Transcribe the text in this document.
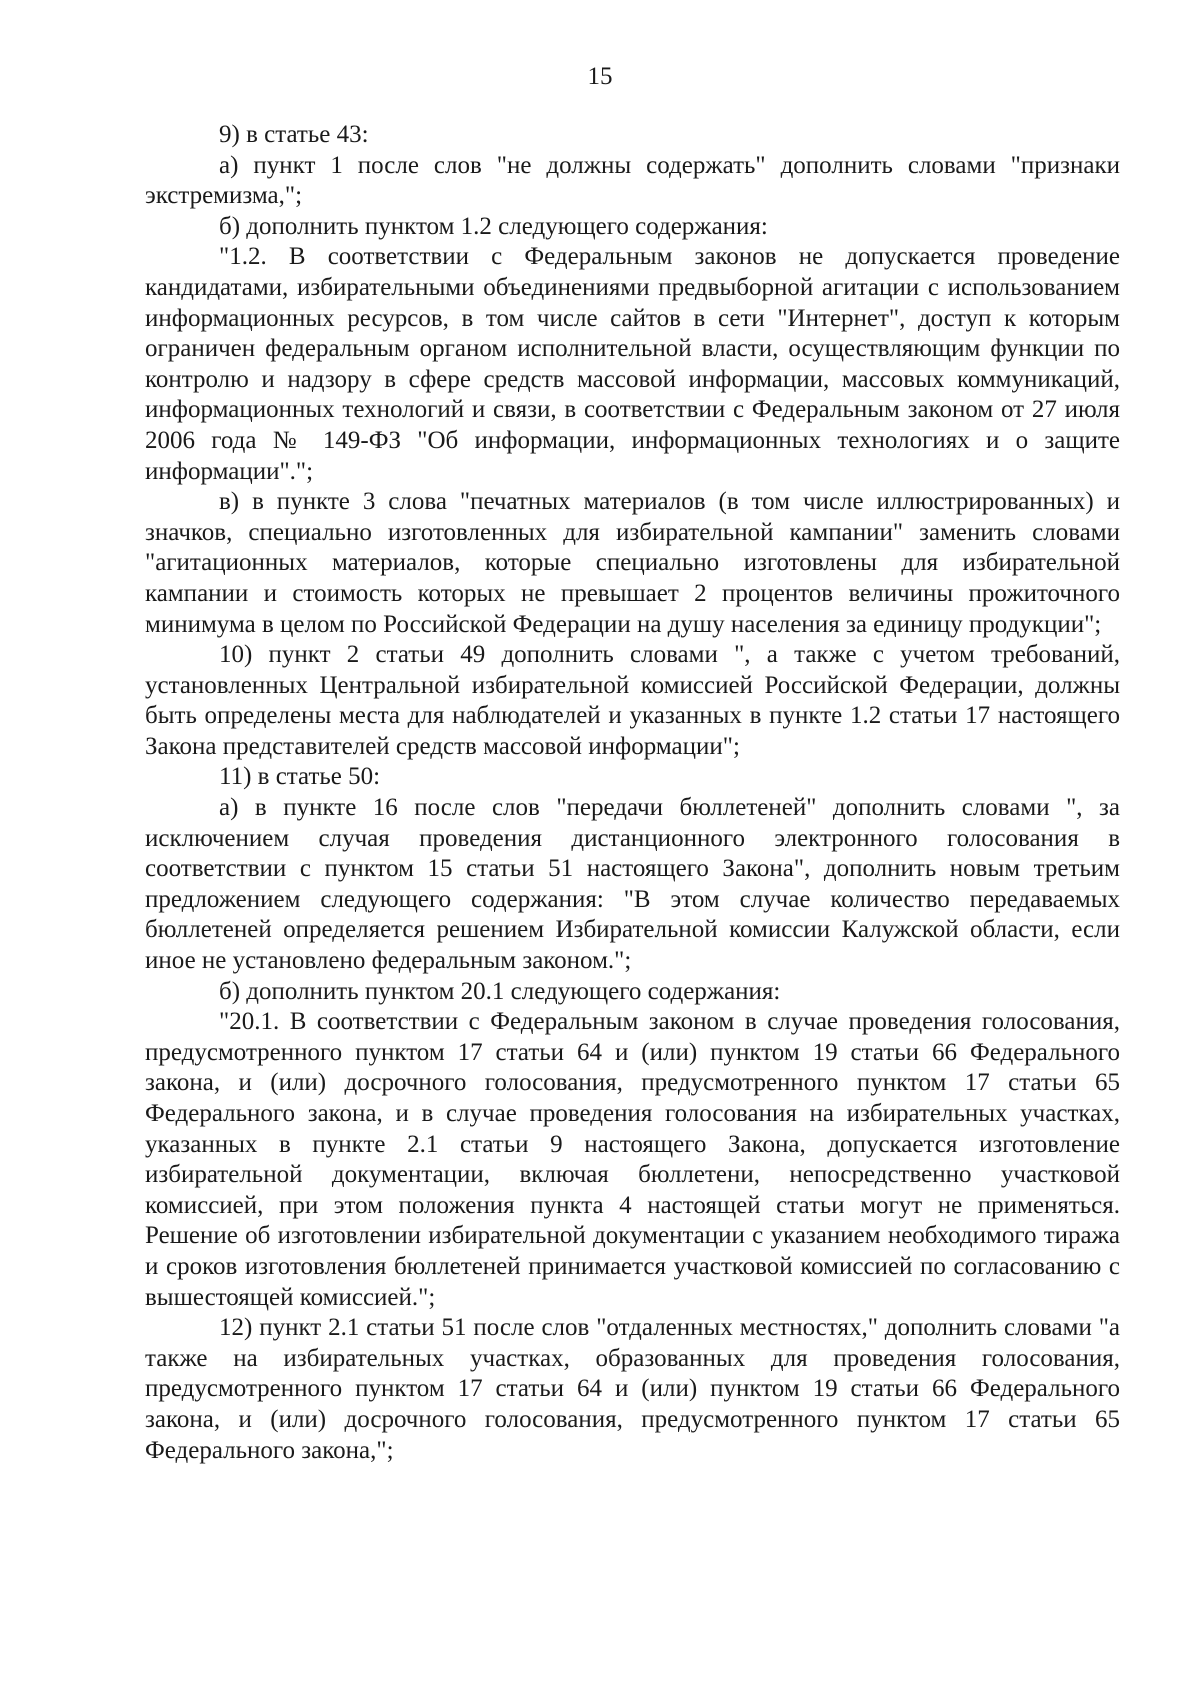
15

9) в статье 43:

а) пункт 1 после слов "не должны содержать" дополнить словами "признаки экстремизма,";

б) дополнить пунктом 1.2 следующего содержания:

"1.2. В соответствии с Федеральным законов не допускается проведение кандидатами, избирательными объединениями предвыборной агитации с использованием информационных ресурсов, в том числе сайтов в сети "Интернет", доступ к которым ограничен федеральным органом исполнительной власти, осуществляющим функции по контролю и надзору в сфере средств массовой информации, массовых коммуникаций, информационных технологий и связи, в соответствии с Федеральным законом от 27 июля 2006 года № 149-ФЗ "Об информации, информационных технологиях и о защите информации".";

в) в пункте 3 слова "печатных материалов (в том числе иллюстрированных) и значков, специально изготовленных для избирательной кампании" заменить словами "агитационных материалов, которые специально изготовлены для избирательной кампании и стоимость которых не превышает 2 процентов величины прожиточного минимума в целом по Российской Федерации на душу населения за единицу продукции";

10) пункт 2 статьи 49 дополнить словами ", а также с учетом требований, установленных Центральной избирательной комиссией Российской Федерации, должны быть определены места для наблюдателей и указанных в пункте 1.2 статьи 17 настоящего Закона представителей средств массовой информации";

11) в статье 50:

а) в пункте 16 после слов "передачи бюллетеней" дополнить словами ", за исключением случая проведения дистанционного электронного голосования в соответствии с пунктом 15 статьи 51 настоящего Закона", дополнить новым третьим предложением следующего содержания: "В этом случае количество передаваемых бюллетеней определяется решением Избирательной комиссии Калужской области, если иное не установлено федеральным законом.";

б) дополнить пунктом 20.1 следующего содержания:

"20.1. В соответствии с Федеральным законом в случае проведения голосования, предусмотренного пунктом 17 статьи 64 и (или) пунктом 19 статьи 66 Федерального закона, и (или) досрочного голосования, предусмотренного пунктом 17 статьи 65 Федерального закона, и в случае проведения голосования на избирательных участках, указанных в пункте 2.1 статьи 9 настоящего Закона, допускается изготовление избирательной документации, включая бюллетени, непосредственно участковой комиссией, при этом положения пункта 4 настоящей статьи могут не применяться. Решение об изготовлении избирательной документации с указанием необходимого тиража и сроков изготовления бюллетеней принимается участковой комиссией по согласованию с вышестоящей комиссией.";

12) пункт 2.1 статьи 51 после слов "отдаленных местностях," дополнить словами "а также на избирательных участках, образованных для проведения голосования, предусмотренного пунктом 17 статьи 64 и (или) пунктом 19 статьи 66 Федерального закона, и (или) досрочного голосования, предусмотренного пунктом 17 статьи 65 Федерального закона,";
